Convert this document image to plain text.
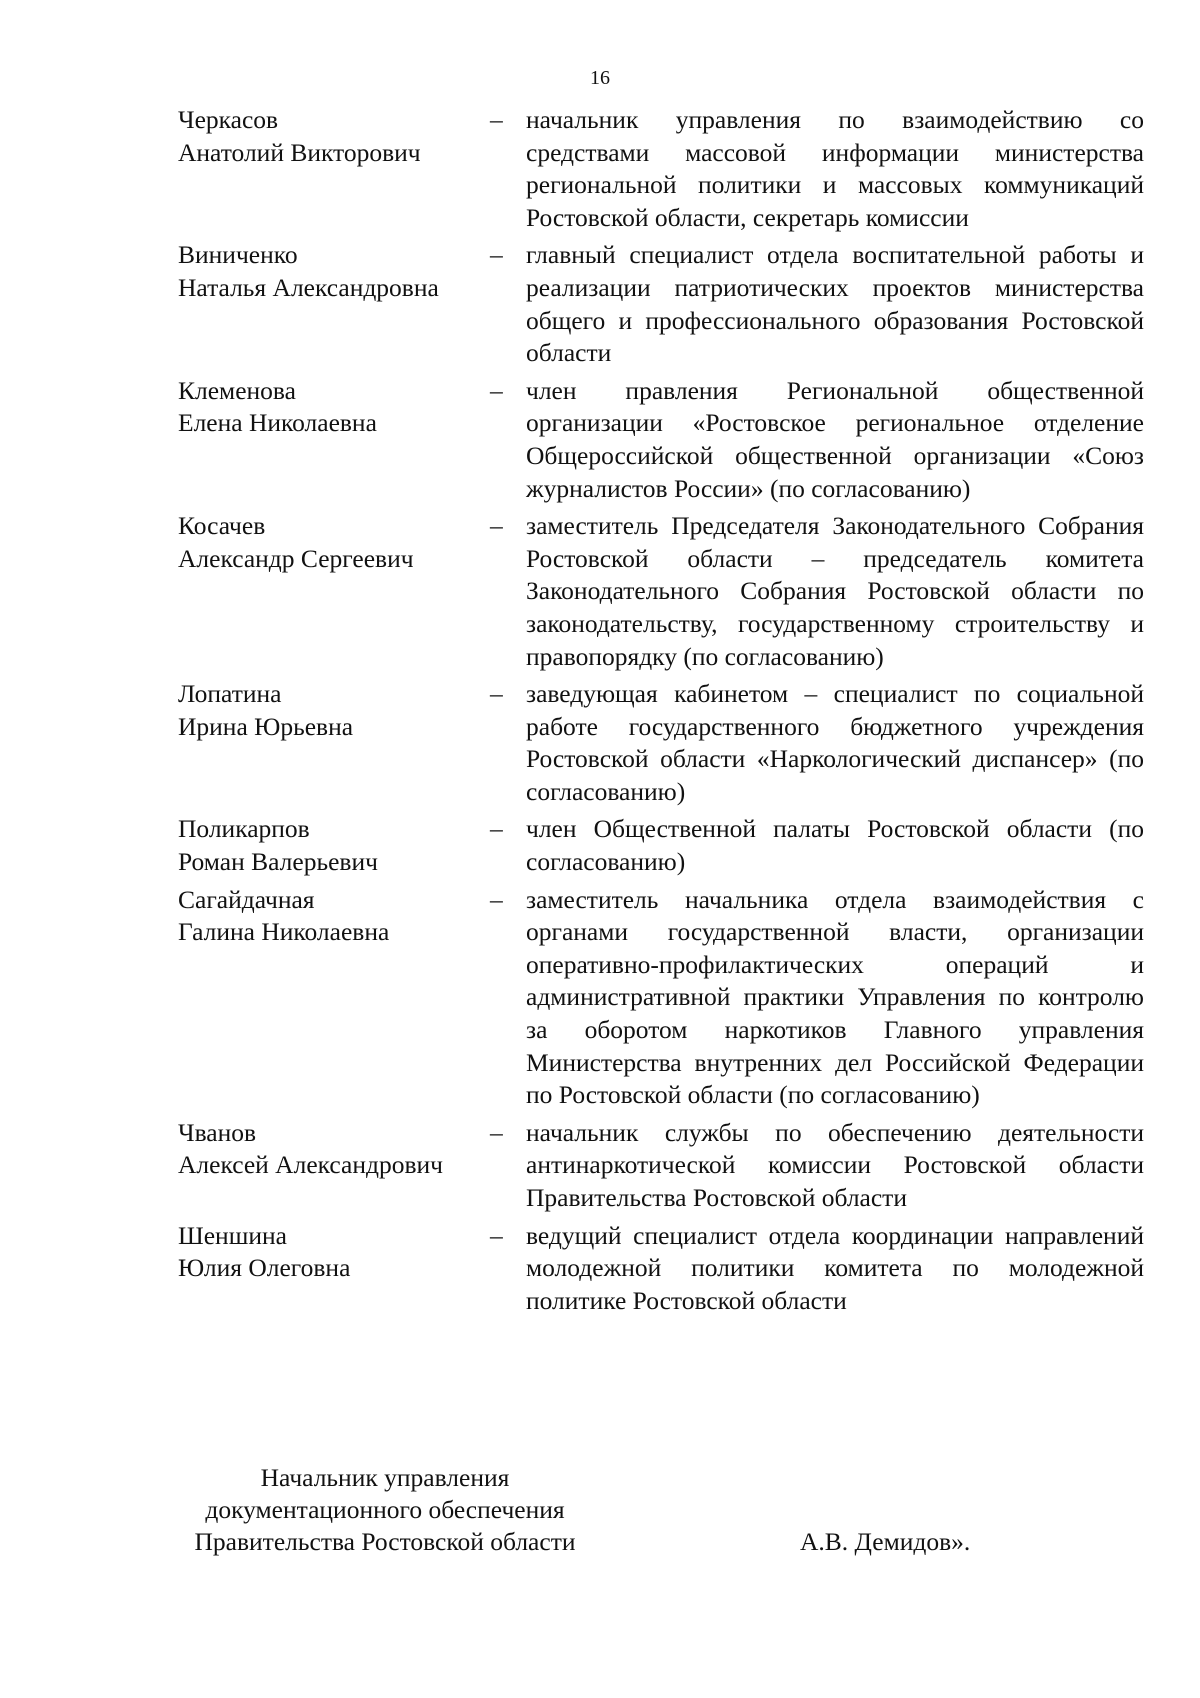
16
Черкасов
Анатолий Викторович
– начальник управления по взаимодействию со средствами массовой информации министерства региональной политики и массовых коммуникаций Ростовской области, секретарь комиссии
Виниченко
Наталья Александровна
– главный специалист отдела воспитательной работы и реализации патриотических проектов министерства общего и профессионального образования Ростовской области
Клеменова
Елена Николаевна
– член правления Региональной общественной организации «Ростовское региональное отделение Общероссийской общественной организации «Союз журналистов России» (по согласованию)
Косачев
Александр Сергеевич
– заместитель Председателя Законодательного Собрания Ростовской области – председатель комитета Законодательного Собрания Ростовской области по законодательству, государственному строительству и правопорядку (по согласованию)
Лопатина
Ирина Юрьевна
– заведующая кабинетом – специалист по социальной работе государственного бюджетного учреждения Ростовской области «Наркологический диспансер» (по согласованию)
Поликарпов
Роман Валерьевич
– член Общественной палаты Ростовской области (по согласованию)
Сагайдачная
Галина Николаевна
– заместитель начальника отдела взаимодействия с органами государственной власти, организации оперативно-профилактических операций и административной практики Управления по контролю за оборотом наркотиков Главного управления Министерства внутренних дел Российской Федерации по Ростовской области (по согласованию)
Чванов
Алексей Александрович
– начальник службы по обеспечению деятельности антинаркотической комиссии Ростовской области Правительства Ростовской области
Шеншина
Юлия Олеговна
– ведущий специалист отдела координации направлений молодежной политики комитета по молодежной политике Ростовской области
Начальник управления
документационного обеспечения
Правительства Ростовской области	А.В. Демидов».
